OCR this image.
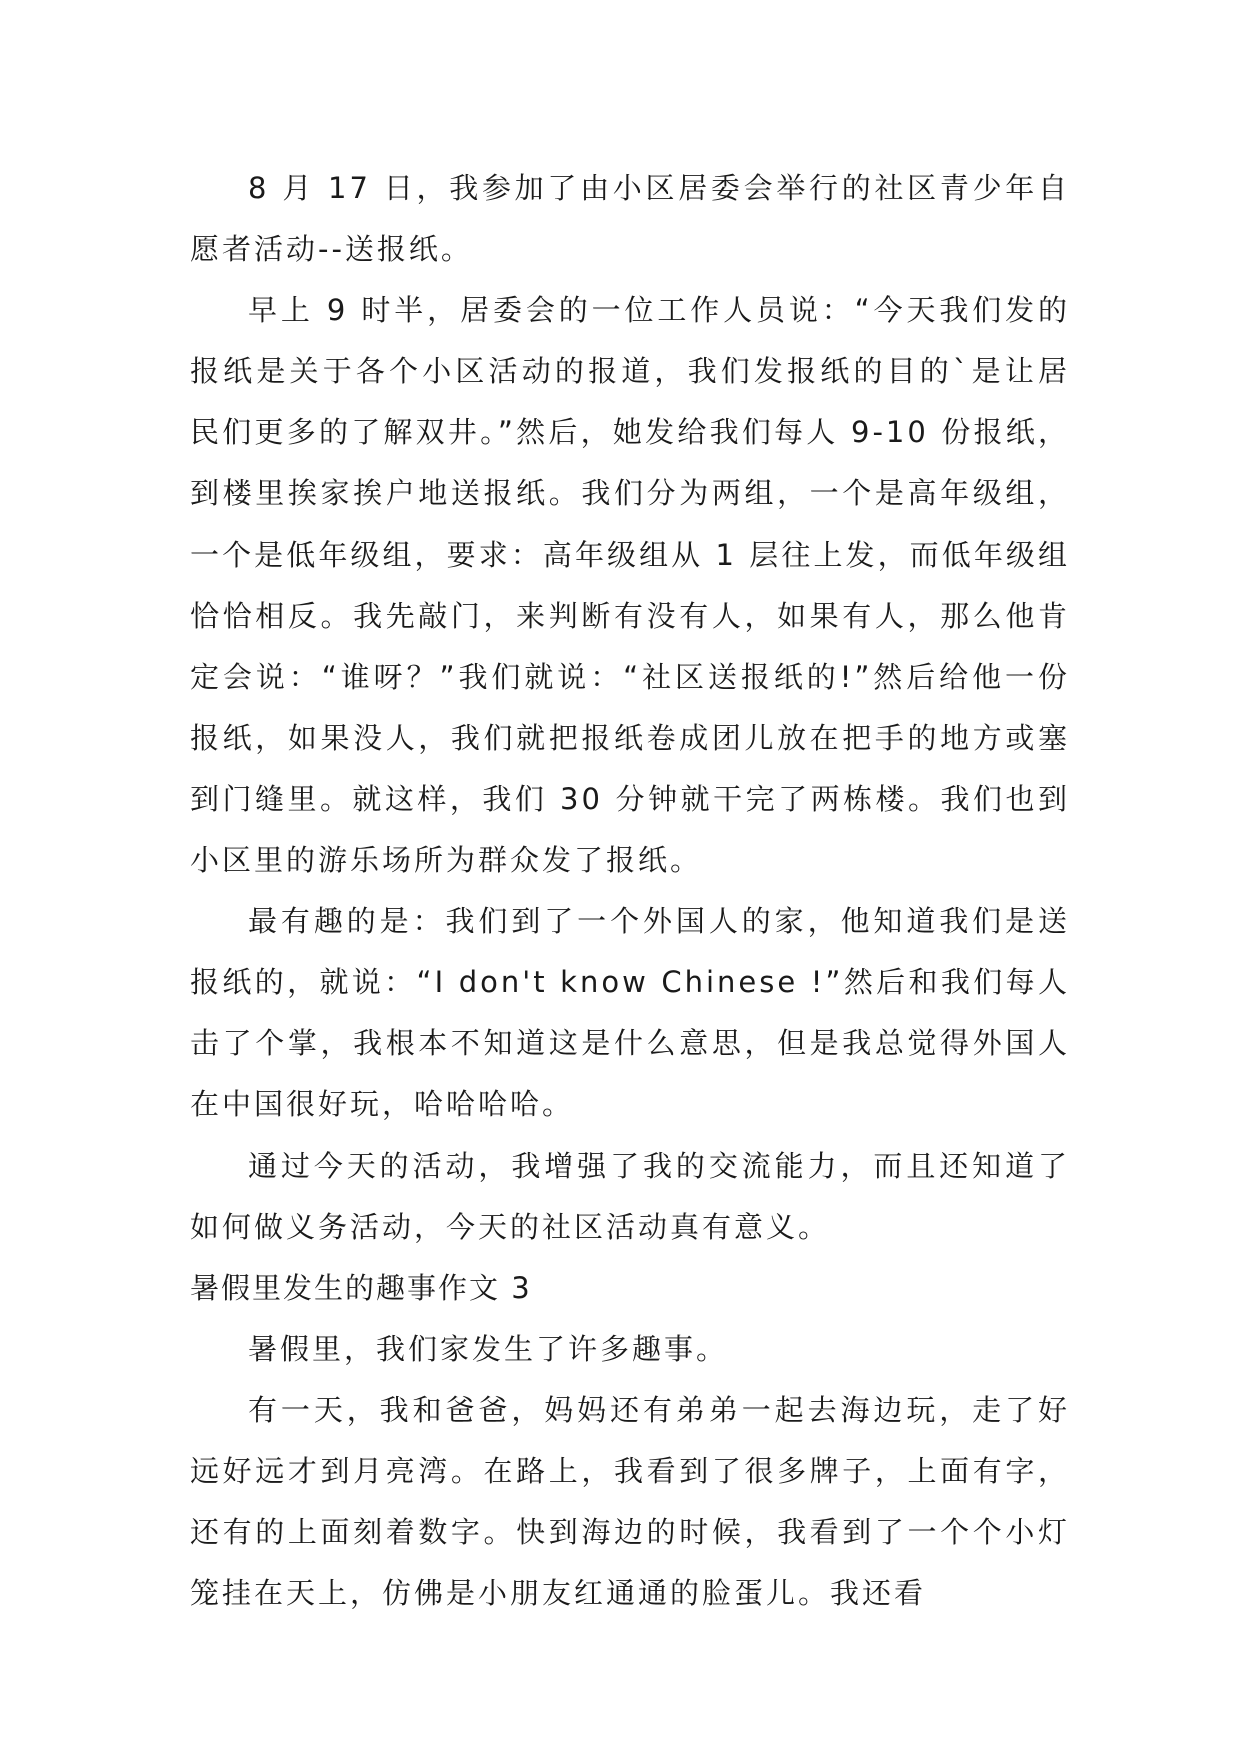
8 月 17 日，我参加了由小区居委会举行的社区青少年自愿者活动--送报纸。

早上 9 时半，居委会的一位工作人员说：“今天我们发的报纸是关于各个小区活动的报道，我们发报纸的目的`是让居民们更多的了解双井。”然后，她发给我们每人 9-10 份报纸，到楼里挨家挨户地送报纸。我们分为两组，一个是高年级组，一个是低年级组，要求：高年级组从 1 层往上发，而低年级组恰恰相反。我先敲门，来判断有没有人，如果有人，那么他肯定会说：“谁呀？”我们就说：“社区送报纸的!”然后给他一份报纸，如果没人，我们就把报纸卷成团儿放在把手的地方或塞到门缝里。就这样，我们 30 分钟就干完了两栋楼。我们也到小区里的游乐场所为群众发了报纸。

最有趣的是：我们到了一个外国人的家，他知道我们是送报纸的，就说：“I don't know Chinese !”然后和我们每人击了个掌，我根本不知道这是什么意思，但是我总觉得外国人在中国很好玩，哈哈哈哈。

通过今天的活动，我增强了我的交流能力，而且还知道了如何做义务活动，今天的社区活动真有意义。

暑假里发生的趣事作文 3

暑假里，我们家发生了许多趣事。

有一天，我和爸爸，妈妈还有弟弟一起去海边玩，走了好远好远才到月亮湾。在路上，我看到了很多牌子，上面有字，还有的上面刻着数字。快到海边的时候，我看到了一个个小灯笼挂在天上，仿佛是小朋友红通通的脸蛋儿。我还看
